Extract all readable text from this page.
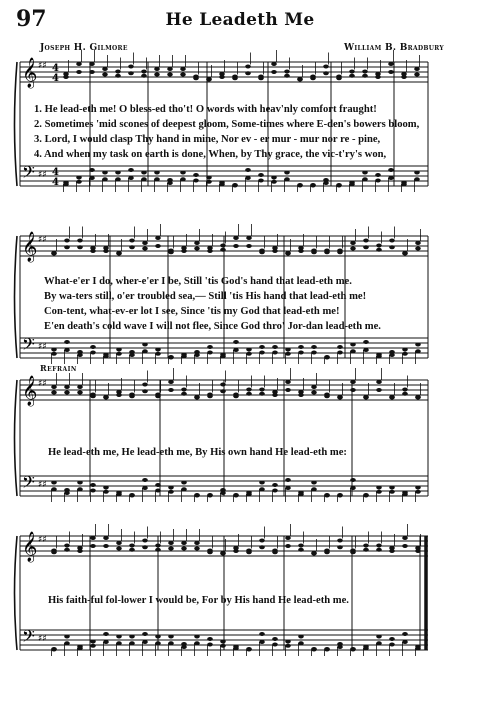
97	He Leadeth Me
Joseph H. Gilmore	William B. Bradbury
𝄞
𝄢
♯♯
♯♯
4
4
4
4
1. He lead-eth me! O bless-ed tho't! O words with heav'nly comfort fraught!
2. Sometimes 'mid scones of deepest gloom, Some-times where E-den's bowers bloom,
3. Lord, I would clasp Thy hand in mine, Nor ev - er mur - mur nor re - pine,
4. And when my task on earth is done, When, by Thy grace, the vic-t'ry's won,
𝄞
𝄢
♯♯
♯♯
What-e'er I do, wher-e'er I be, Still 'tis God's hand that lead-eth me.
By wa-ters still, o'er troubled sea,— Still 'tis His hand that lead-eth me!
Con-tent, what-ev-er lot I see, Since 'tis my God that lead-eth me!
E'en death's cold wave I will not flee, Since God thro' Jor-dan lead-eth me.
Refrain
𝄞
𝄢
♯♯
♯♯
He lead-eth me, He lead-eth me, By His own hand He lead-eth me:
𝄞
𝄢
♯♯
♯♯
His faith-ful fol-lower I would be, For by His hand He lead-eth me.
